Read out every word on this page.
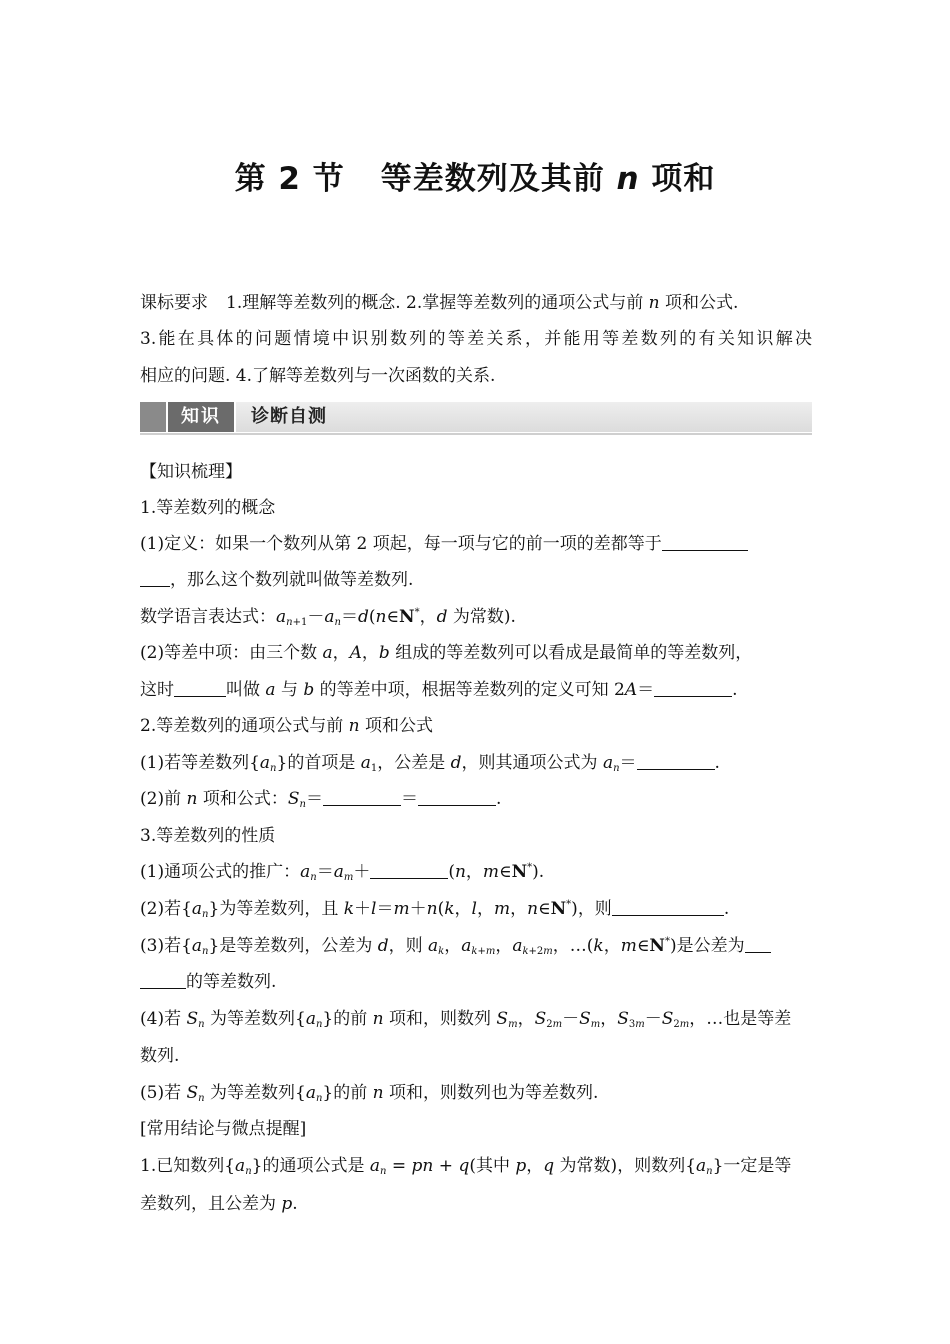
第 2 节 等差数列及其前 n 项和
课标要求 1.理解等差数列的概念. 2.掌握等差数列的通项公式与前 n 项和公式.
3.能在具体的问题情境中识别数列的等差关系，并能用等差数列的有关知识解决
相应的问题. 4.了解等差数列与一次函数的关系.
知识	诊断自测
【知识梳理】
1.等差数列的概念
(1)定义：如果一个数列从第 2 项起，每一项与它的前一项的差都等于
，那么这个数列就叫做等差数列.
数学语言表达式：$a_{n+1}-a_n=d(n\in N^*$，d 为常数).
(2)等差中项：由三个数 a，A，b 组成的等差数列可以看成是最简单的等差数列，
这时	叫做 a 与 b 的等差中项，根据等差数列的定义可知 2A＝	.
2.等差数列的通项公式与前 n 项和公式
(1)若等差数列$\{a_n\}$的首项是 $a_1$，公差是 d，则其通项公式为 $a_n=$	.
(2)前 n 项和公式：$S_n=$	＝	.
3.等差数列的性质
(1)通项公式的推广：$a_n=a_m+$	(n，m∈N*).
(2)若$\{a_n\}$为等差数列，且 k＋l＝m＋n(k，l，m，n∈N*)，则	.
(3)若$\{a_n\}$是等差数列，公差为 d，则 $a_k$，$a_{k+m}$，$a_{k+2m}$，…(k，m∈N*)是公差为
的等差数列.
(4)若 $S_n$ 为等差数列$\{a_n\}$的前 n 项和，则数列 $S_m$，$S_{2m}-S_m$，$S_{3m}-S_{2m}$，…也是等差
数列.
(5)若 $S_n$ 为等差数列$\{a_n\}$的前 n 项和，则数列也为等差数列.
[常用结论与微点提醒]
1.已知数列$\{a_n\}$的通项公式是 $a_n$ = pn + q(其中 p，q 为常数)，则数列$\{a_n\}$一定是等
差数列，且公差为 p.
